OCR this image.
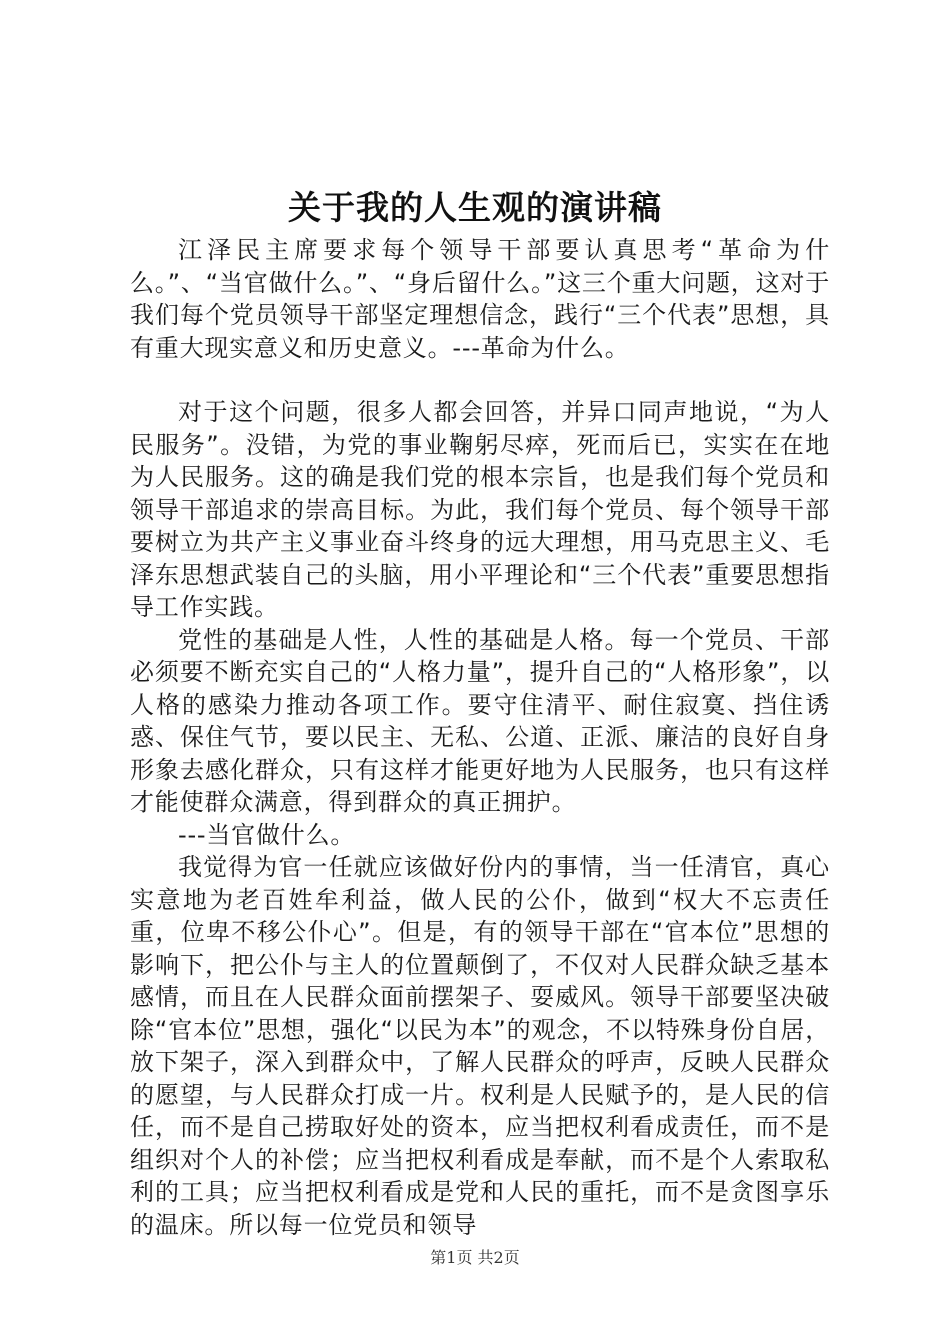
关于我的人生观的演讲稿

江泽民主席要求每个领导干部要认真思考“革命为什么。”、“当官做什么。”、“身后留什么。”这三个重大问题，这对于我们每个党员领导干部坚定理想信念，践行“三个代表”思想，具有重大现实意义和历史意义。---革命为什么。

对于这个问题，很多人都会回答，并异口同声地说，“为人民服务”。没错，为党的事业鞠躬尽瘁，死而后已，实实在在地为人民服务。这的确是我们党的根本宗旨，也是我们每个党员和领导干部追求的崇高目标。为此，我们每个党员、每个领导干部要树立为共产主义事业奋斗终身的远大理想，用马克思主义、毛泽东思想武装自己的头脑，用小平理论和“三个代表”重要思想指导工作实践。

党性的基础是人性，人性的基础是人格。每一个党员、干部必须要不断充实自己的“人格力量”，提升自己的“人格形象”，以人格的感染力推动各项工作。要守住清平、耐住寂寞、挡住诱惑、保住气节，要以民主、无私、公道、正派、廉洁的良好自身形象去感化群众，只有这样才能更好地为人民服务，也只有这样才能使群众满意，得到群众的真正拥护。

---当官做什么。

我觉得为官一任就应该做好份内的事情，当一任清官，真心实意地为老百姓牟利益，做人民的公仆，做到“权大不忘责任重，位卑不移公仆心”。但是，有的领导干部在“官本位”思想的影响下，把公仆与主人的位置颠倒了，不仅对人民群众缺乏基本感情，而且在人民群众面前摆架子、耍威风。领导干部要坚决破除“官本位”思想，强化“以民为本”的观念，不以特殊身份自居，放下架子，深入到群众中，了解人民群众的呼声，反映人民群众的愿望，与人民群众打成一片。权利是人民赋予的，是人民的信任，而不是自己捞取好处的资本，应当把权利看成责任，而不是组织对个人的补偿；应当把权利看成是奉献，而不是个人索取私利的工具；应当把权利看成是党和人民的重托，而不是贪图享乐的温床。所以每一位党员和领导

第1页 共2页
